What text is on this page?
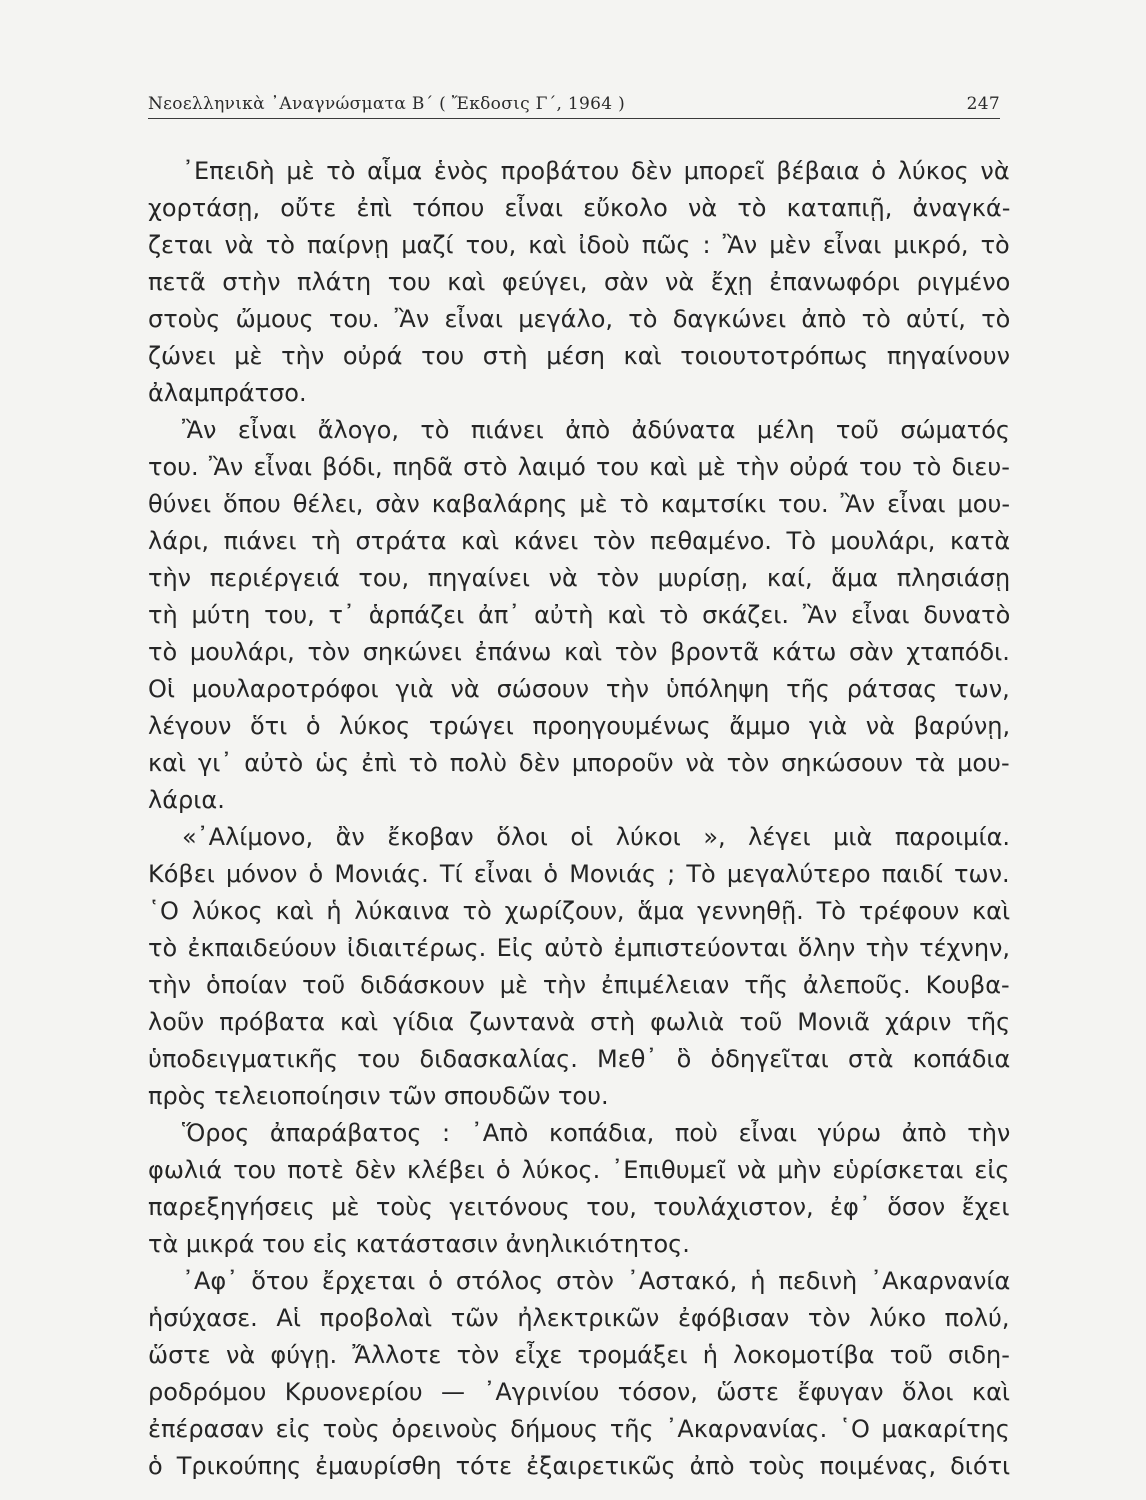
Νεοελληνικὰ ᾿Αναγνώσματα Β΄ ( Ἔκδοσις Γ΄, 1964 )	247
᾿Επειδὴ μὲ τὸ αἷμα ἑνὸς προβάτου δὲν μπορεῖ βέβαια ὁ λύκος νὰ
χορτάσῃ, οὔτε ἐπὶ τόπου εἶναι εὔκολο νὰ τὸ καταπιῇ, ἀναγκά-
ζεται νὰ τὸ παίρνῃ μαζί του, καὶ ἰδοὺ πῶς : Ἂν μὲν εἶναι μικρό, τὸ
πετᾶ στὴν πλάτη του καὶ φεύγει, σὰν νὰ ἔχῃ ἐπανωφόρι ριγμένο
στοὺς ὤμους του. Ἂν εἶναι μεγάλο, τὸ δαγκώνει ἀπὸ τὸ αὐτί, τὸ
ζώνει μὲ τὴν οὐρά του στὴ μέση καὶ τοιουτοτρόπως πηγαίνουν
ἀλαμπράτσο.
Ἂν εἶναι ἄλογο, τὸ πιάνει ἀπὸ ἀδύνατα μέλη τοῦ σώματός
του. Ἂν εἶναι βόδι, πηδᾶ στὸ λαιμό του καὶ μὲ τὴν οὐρά του τὸ διευ-
θύνει ὅπου θέλει, σὰν καβαλάρης μὲ τὸ καμτσίκι του. Ἂν εἶναι μου-
λάρι, πιάνει τὴ στράτα καὶ κάνει τὸν πεθαμένο. Τὸ μουλάρι, κατὰ
τὴν περιέργειά του, πηγαίνει νὰ τὸν μυρίσῃ, καί, ἅμα πλησιάσῃ
τὴ μύτη του, τ᾿ ἁρπάζει ἀπ᾿ αὐτὴ καὶ τὸ σκάζει. Ἂν εἶναι δυνατὸ
τὸ μουλάρι, τὸν σηκώνει ἐπάνω καὶ τὸν βροντᾶ κάτω σὰν χταπόδι.
Οἱ μουλαροτρόφοι γιὰ νὰ σώσουν τὴν ὑπόληψη τῆς ράτσας των,
λέγουν ὅτι ὁ λύκος τρώγει προηγουμένως ἄμμο γιὰ νὰ βαρύνῃ,
καὶ γι᾿ αὐτὸ ὡς ἐπὶ τὸ πολὺ δὲν μποροῦν νὰ τὸν σηκώσουν τὰ μου-
λάρια.
«᾿Αλίμονο, ἂν ἔκοβαν ὅλοι οἱ λύκοι », λέγει μιὰ παροιμία.
Κόβει μόνον ὁ Μονιάς. Τί εἶναι ὁ Μονιάς ; Τὸ μεγαλύτερο παιδί των.
῾Ο λύκος καὶ ἡ λύκαινα τὸ χωρίζουν, ἅμα γεννηθῇ. Τὸ τρέφουν καὶ
τὸ ἐκπαιδεύουν ἰδιαιτέρως. Εἰς αὐτὸ ἐμπιστεύονται ὅλην τὴν τέχνην,
τὴν ὁποίαν τοῦ διδάσκουν μὲ τὴν ἐπιμέλειαν τῆς ἀλεποῦς. Κουβα-
λοῦν πρόβατα καὶ γίδια ζωντανὰ στὴ φωλιὰ τοῦ Μονιᾶ χάριν τῆς
ὑποδειγματικῆς του διδασκαλίας. Μεθ᾿ ὃ ὁδηγεῖται στὰ κοπάδια
πρὸς τελειοποίησιν τῶν σπουδῶν του.
Ὅρος ἀπαράβατος : ᾿Απὸ κοπάδια, ποὺ εἶναι γύρω ἀπὸ τὴν
φωλιά του ποτὲ δὲν κλέβει ὁ λύκος. ᾿Επιθυμεῖ νὰ μὴν εὑρίσκεται εἰς
παρεξηγήσεις μὲ τοὺς γειτόνους του, τουλάχιστον, ἐφ᾿ ὅσον ἔχει
τὰ μικρά του εἰς κατάστασιν ἀνηλικιότητος.
᾿Αφ᾿ ὅτου ἔρχεται ὁ στόλος στὸν ᾿Αστακό, ἡ πεδινὴ ᾿Ακαρνανία
ἡσύχασε. Αἱ προβολαὶ τῶν ἠλεκτρικῶν ἐφόβισαν τὸν λύκο πολύ,
ὥστε νὰ φύγῃ. Ἄλλοτε τὸν εἶχε τρομάξει ἡ λοκομοτίβα τοῦ σιδη-
ροδρόμου Κρυονερίου — ᾿Αγρινίου τόσον, ὥστε ἔφυγαν ὅλοι καὶ
ἐπέρασαν εἰς τοὺς ὀρεινοὺς δήμους τῆς ᾿Ακαρνανίας. ῾Ο μακαρίτης
ὁ Τρικούπης ἐμαυρίσθη τότε ἐξαιρετικῶς ἀπὸ τοὺς ποιμένας, διότι
